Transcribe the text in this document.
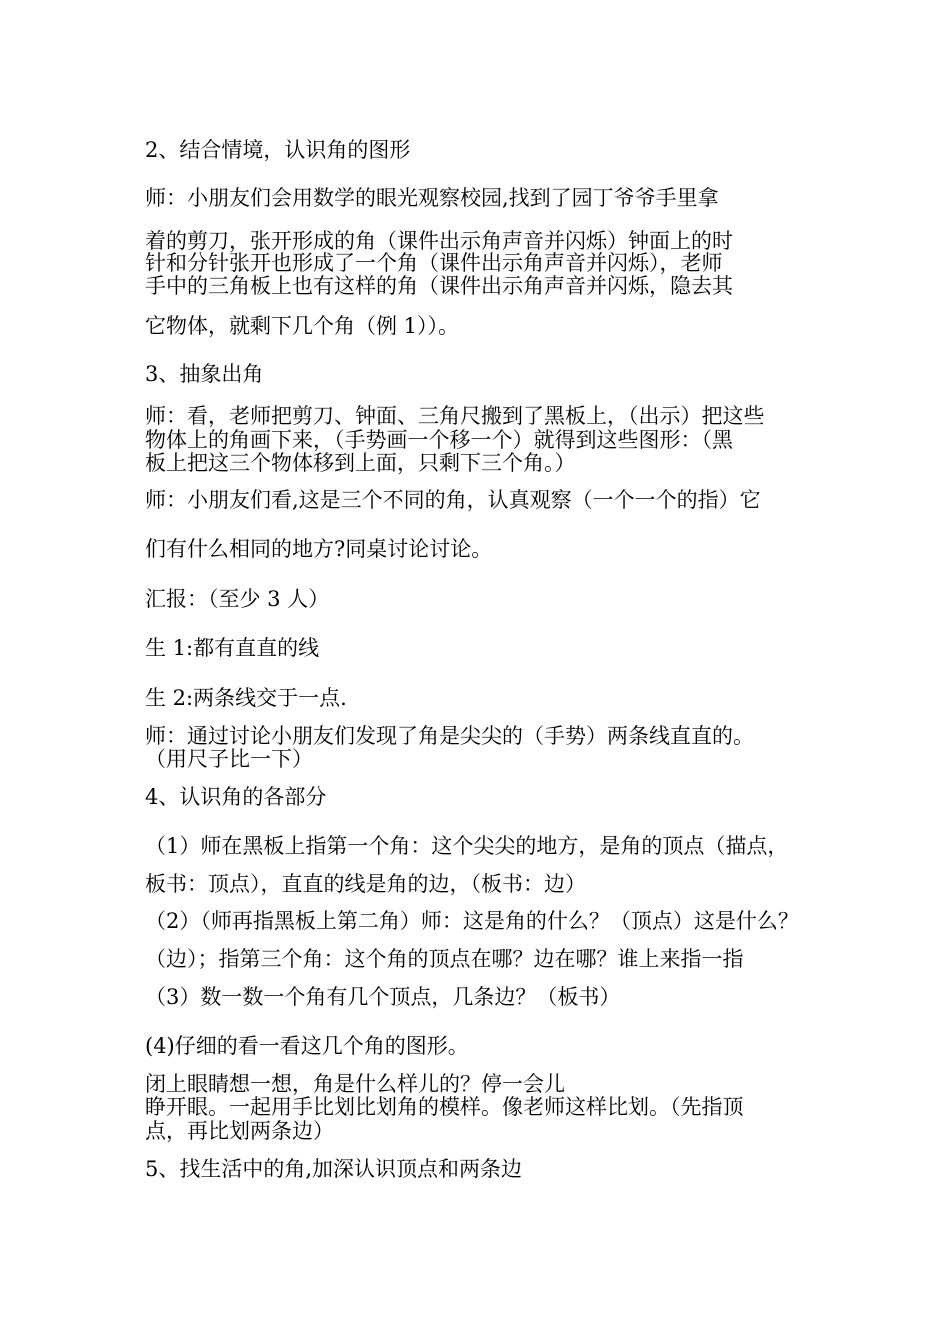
2、结合情境，认识角的图形

师：小朋友们会用数学的眼光观察校园,找到了园丁爷爷手里拿

着的剪刀，张开形成的角（课件出示角声音并闪烁）钟面上的时

针和分针张开也形成了一个角（课件出示角声音并闪烁），老师

手中的三角板上也有这样的角（课件出示角声音并闪烁，隐去其

它物体，就剩下几个角（例 1））。

3、抽象出角

师：看，老师把剪刀、钟面、三角尺搬到了黑板上，（出示）把这些

物体上的角画下来，（手势画一个移一个）就得到这些图形：（黑

板上把这三个物体移到上面，只剩下三个角。）

师：小朋友们看,这是三个不同的角，认真观察（一个一个的指）它

们有什么相同的地方?同桌讨论讨论。

汇报：（至少 3 人）

生 1:都有直直的线

生 2:两条线交于一点.

师：通过讨论小朋友们发现了角是尖尖的（手势）两条线直直的。

（用尺子比一下）

4、认识角的各部分

（1）师在黑板上指第一个角：这个尖尖的地方，是角的顶点（描点，

板书：顶点），直直的线是角的边，（板书：边）

（2）（师再指黑板上第二角）师：这是角的什么？（顶点）这是什么？

（边）；指第三个角：这个角的顶点在哪？边在哪？谁上来指一指

（3）数一数一个角有几个顶点，几条边？（板书）

(4)仔细的看一看这几个角的图形。

闭上眼睛想一想，角是什么样儿的？停一会儿

睁开眼。一起用手比划比划角的模样。像老师这样比划。（先指顶

点，再比划两条边）

5、找生活中的角,加深认识顶点和两条边
